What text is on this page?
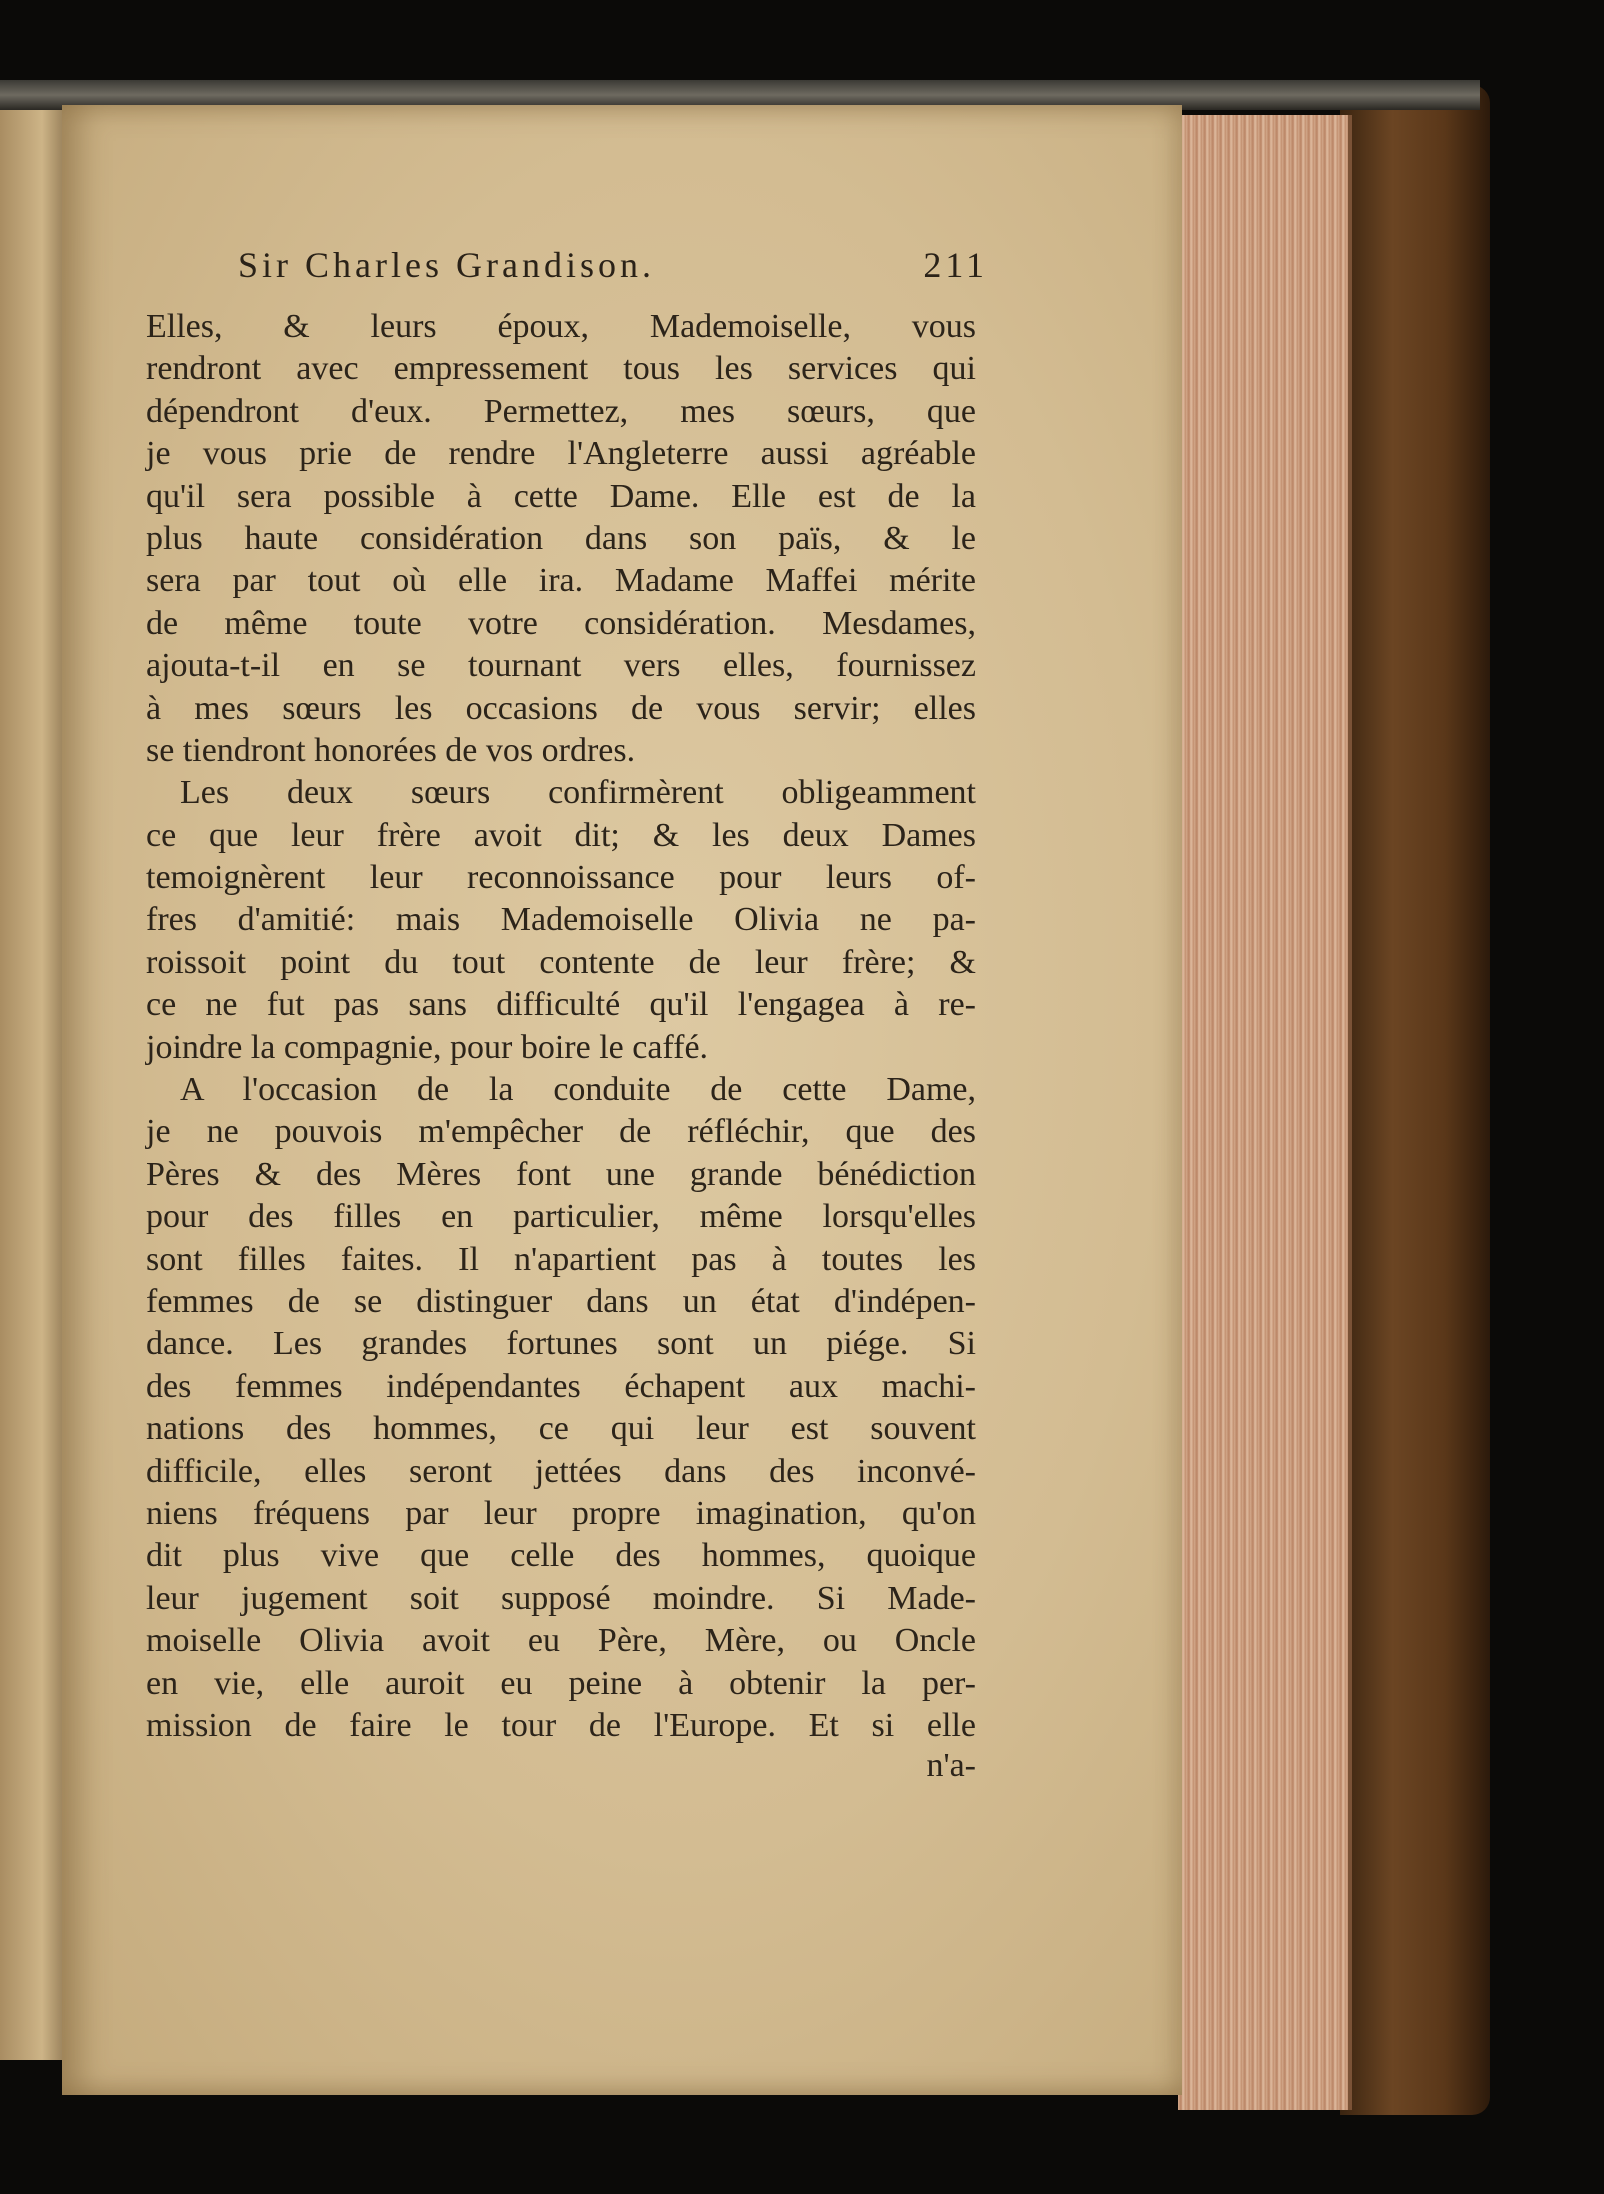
Sir Charles Grandison.	211
Elles, & leurs époux, Mademoiselle, vous
rendront avec empressement tous les services qui
dépendront d'eux. Permettez, mes sœurs, que
je vous prie de rendre l'Angleterre aussi agréable
qu'il sera possible à cette Dame. Elle est de la
plus haute considération dans son païs, & le
sera par tout où elle ira. Madame Maffei mérite
de même toute votre considération. Mesdames,
ajouta-t-il en se tournant vers elles, fournissez
à mes sœurs les occasions de vous servir; elles
se tiendront honorées de vos ordres.
Les deux sœurs confirmèrent obligeamment
ce que leur frère avoit dit; & les deux Dames
temoignèrent leur reconnoissance pour leurs of-
fres d'amitié: mais Mademoiselle Olivia ne pa-
roissoit point du tout contente de leur frère; &
ce ne fut pas sans difficulté qu'il l'engagea à re-
joindre la compagnie, pour boire le caffé.
A l'occasion de la conduite de cette Dame,
je ne pouvois m'empêcher de réfléchir, que des
Pères & des Mères font une grande bénédiction
pour des filles en particulier, même lorsqu'elles
sont filles faites. Il n'apartient pas à toutes les
femmes de se distinguer dans un état d'indépen-
dance. Les grandes fortunes sont un piége. Si
des femmes indépendantes échapent aux machi-
nations des hommes, ce qui leur est souvent
difficile, elles seront jettées dans des inconvé-
niens fréquens par leur propre imagination, qu'on
dit plus vive que celle des hommes, quoique
leur jugement soit supposé moindre. Si Made-
moiselle Olivia avoit eu Père, Mère, ou Oncle
en vie, elle auroit eu peine à obtenir la per-
mission de faire le tour de l'Europe. Et si elle
n'a-
